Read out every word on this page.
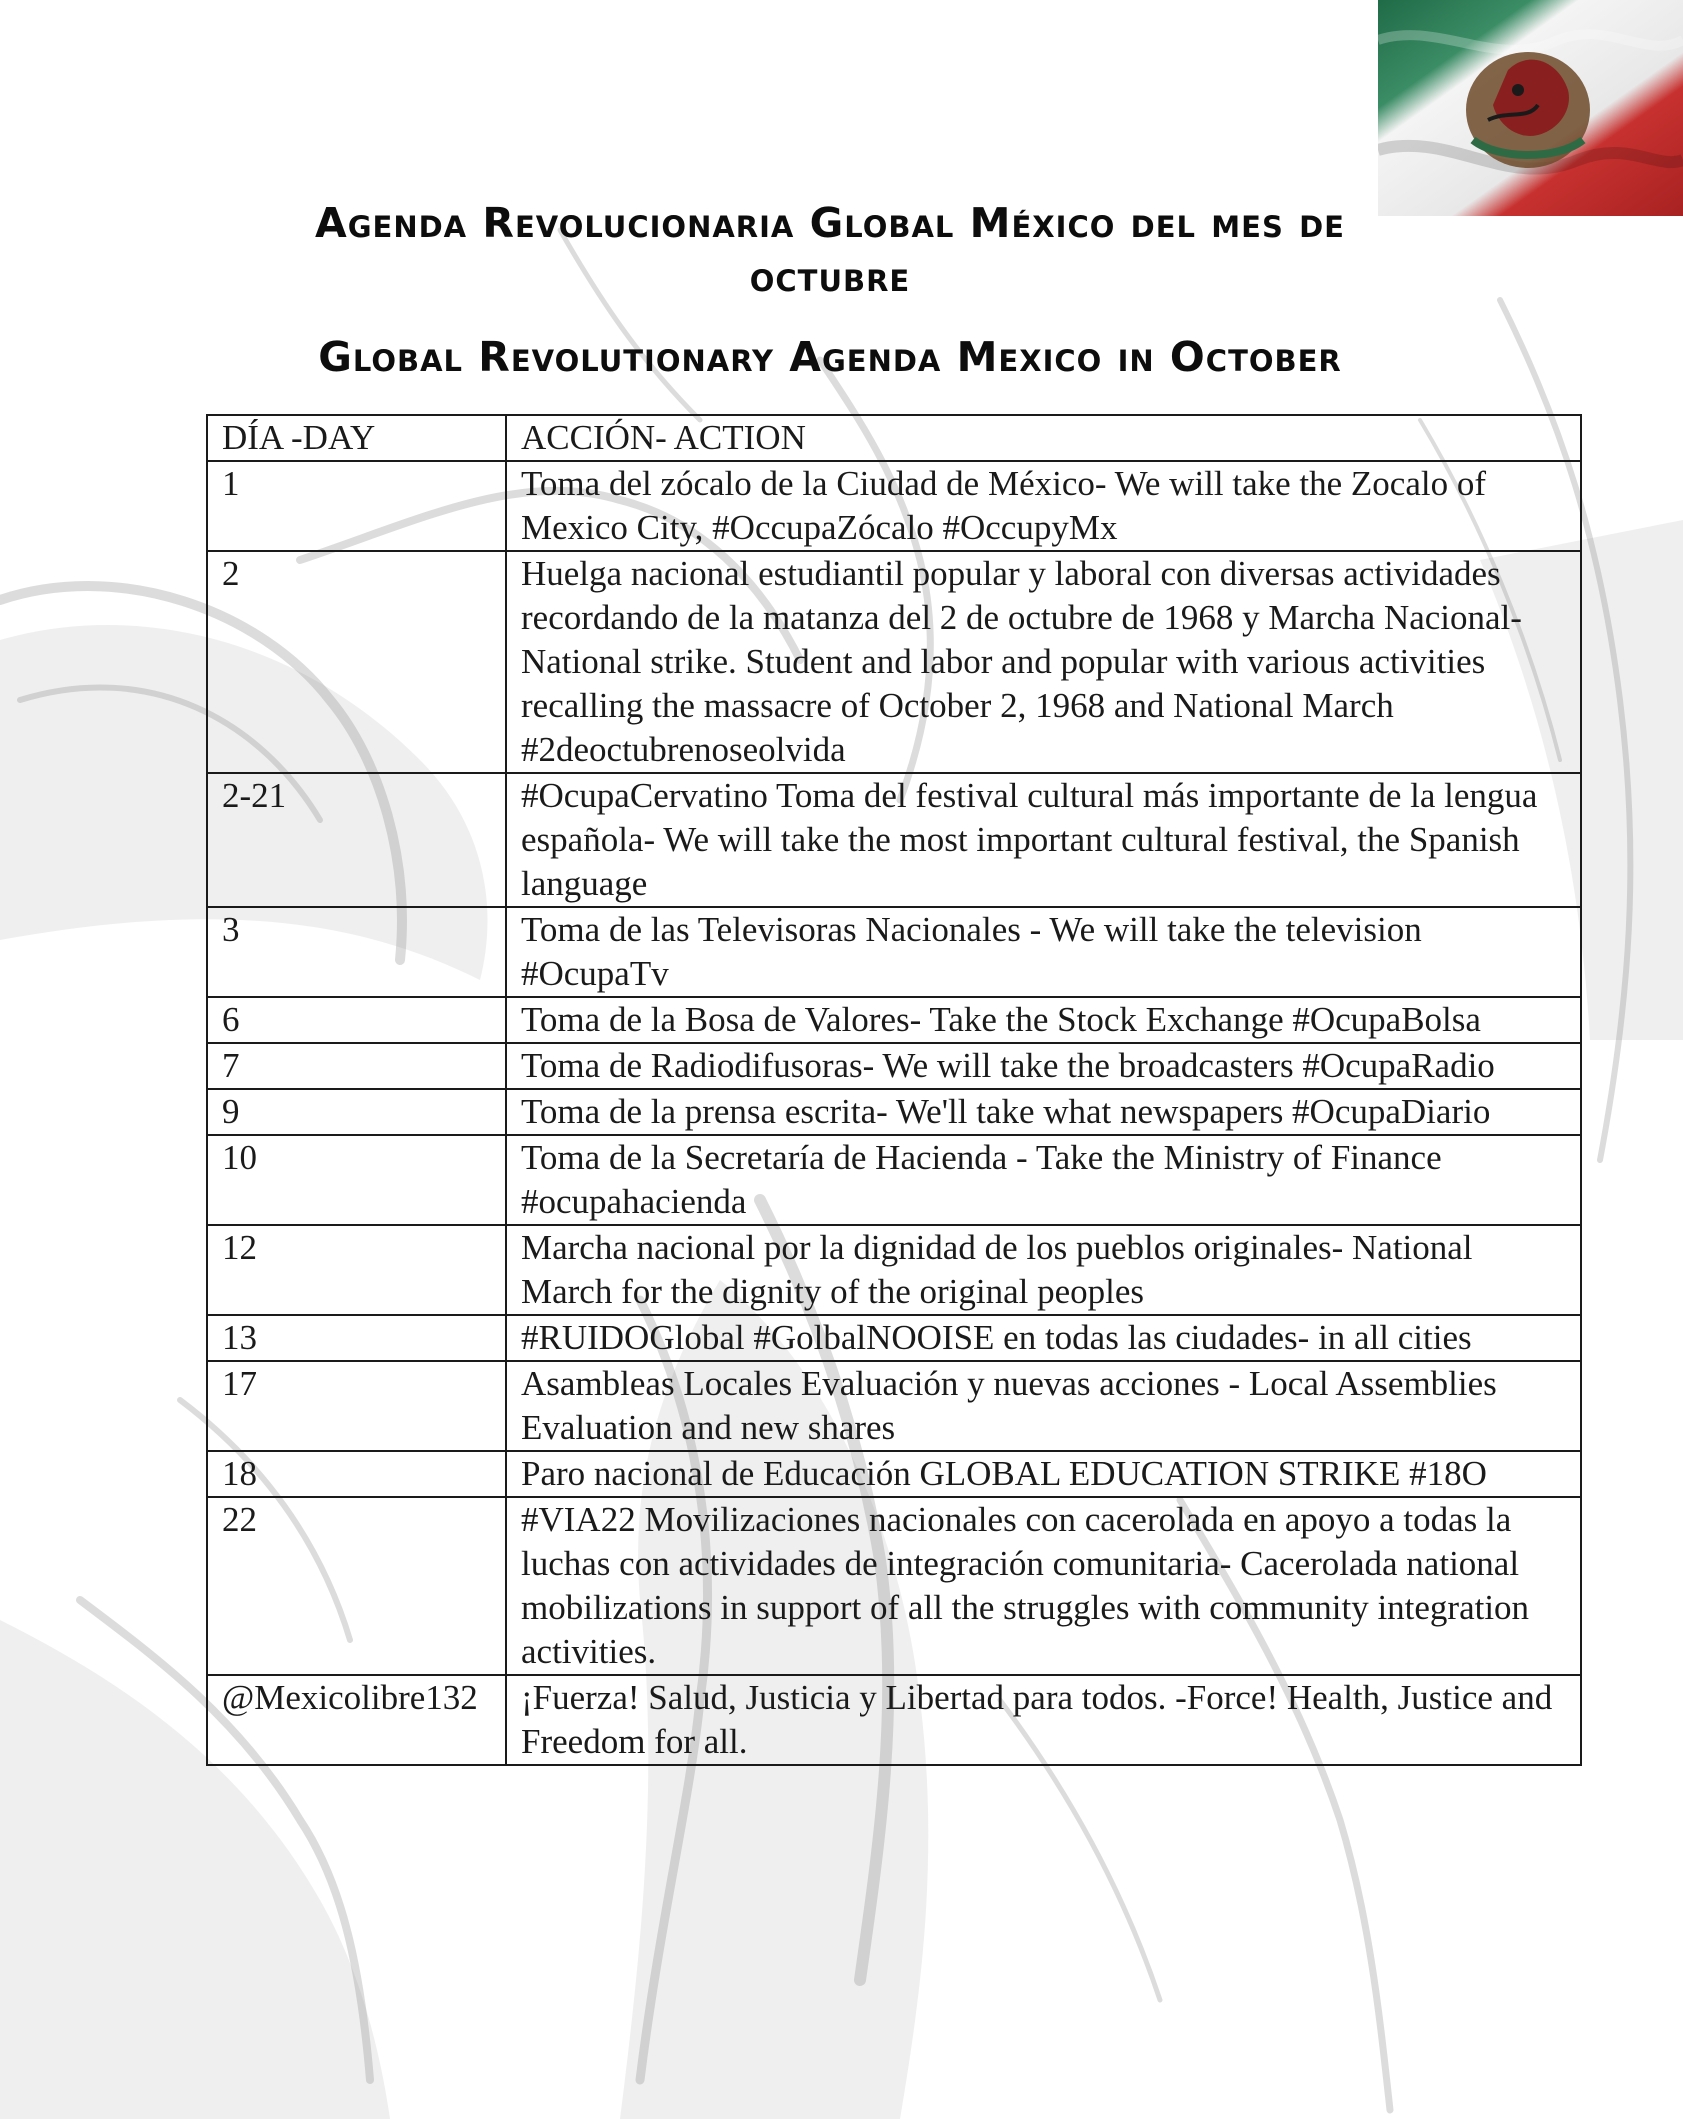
Agenda Revolucionaria Global México del mes de octubre

Global Revolutionary Agenda Mexico in October

DÍA -DAY	ACCIÓN- ACTION
1	Toma del zócalo de la Ciudad de México- We will take the Zocalo of Mexico City, #OccupaZócalo #OccupyMx
2	Huelga nacional estudiantil popular y laboral con diversas actividades recordando de la matanza del 2 de octubre de 1968 y Marcha Nacional- National strike. Student and labor and popular with various activities recalling the massacre of October 2, 1968 and National March #2deoctubrenoseolvida
2-21	#OcupaCervatino Toma del festival cultural más importante de la lengua española- We will take the most important cultural festival, the Spanish language
3	Toma de las Televisoras Nacionales - We will take the television #OcupaTv
6	Toma de la Bosa de Valores- Take the Stock Exchange #OcupaBolsa
7	Toma de Radiodifusoras- We will take the broadcasters #OcupaRadio
9	Toma de la prensa escrita- We'll take what newspapers #OcupaDiario
10	Toma de la Secretaría de Hacienda - Take the Ministry of Finance #ocupahacienda
12	Marcha nacional por la dignidad de los pueblos originales- National March for the dignity of the original peoples
13	#RUIDOGlobal #GolbalNOOISE en todas las ciudades- in all cities
17	Asambleas Locales Evaluación y nuevas acciones - Local Assemblies Evaluation and new shares
18	Paro nacional de Educación GLOBAL EDUCATION STRIKE #18O
22	#VIA22 Movilizaciones nacionales con cacerolada en apoyo a todas la luchas con actividades de integración comunitaria- Cacerolada national mobilizations in support of all the struggles with community integration activities.
@Mexicolibre132	¡Fuerza! Salud, Justicia y Libertad para todos. -Force! Health, Justice and Freedom for all.
